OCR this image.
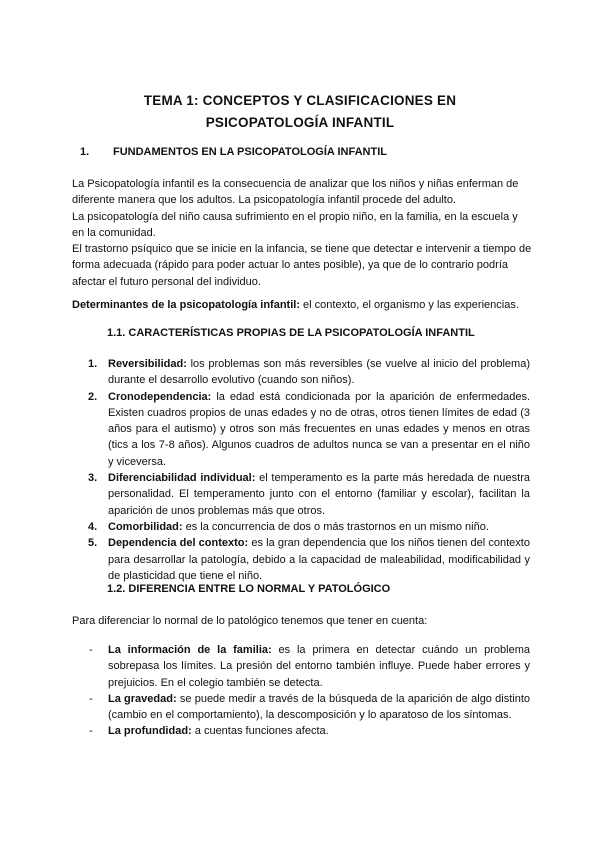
TEMA 1: CONCEPTOS Y CLASIFICACIONES EN
PSICOPATOLOGÍA INFANTIL
1. FUNDAMENTOS EN LA PSICOPATOLOGÍA INFANTIL

La Psicopatología infantil es la consecuencia de analizar que los niños y niñas enferman de diferente manera que los adultos. La psicopatología infantil procede del adulto.
La psicopatología del niño causa sufrimiento en el propio niño, en la familia, en la escuela y en la comunidad.
El trastorno psíquico que se inicie en la infancia, se tiene que detectar e intervenir a tiempo de forma adecuada (rápido para poder actuar lo antes posible), ya que de lo contrario podría afectar el futuro personal del individuo.

Determinantes de la psicopatología infantil: el contexto, el organismo y las experiencias.

1.1. CARACTERÍSTICAS PROPIAS DE LA PSICOPATOLOGÍA INFANTIL
1. Reversibilidad: los problemas son más reversibles (se vuelve al inicio del problema) durante el desarrollo evolutivo (cuando son niños).
2. Cronodependencia: la edad está condicionada por la aparición de enfermedades. Existen cuadros propios de unas edades y no de otras, otros tienen límites de edad (3 años para el autismo) y otros son más frecuentes en unas edades y menos en otras (tics a los 7-8 años). Algunos cuadros de adultos nunca se van a presentar en el niño y viceversa.
3. Diferenciabilidad individual: el temperamento es la parte más heredada de nuestra personalidad. El temperamento junto con el entorno (familiar y escolar), facilitan la aparición de unos problemas más que otros.
4. Comorbilidad: es la concurrencia de dos o más trastornos en un mismo niño.
5. Dependencia del contexto: es la gran dependencia que los niños tienen del contexto para desarrollar la patología, debido a la capacidad de maleabilidad, modificabilidad y de plasticidad que tiene el niño.
1.2. DIFERENCIA ENTRE LO NORMAL Y PATOLÓGICO

Para diferenciar lo normal de lo patológico tenemos que tener en cuenta:

- La información de la familia: es la primera en detectar cuándo un problema sobrepasa los límites. La presión del entorno también influye. Puede haber errores y prejuicios. En el colegio también se detecta.
- La gravedad: se puede medir a través de la búsqueda de la aparición de algo distinto (cambio en el comportamiento), la descomposición y lo aparatoso de los síntomas.
- La profundidad: a cuentas funciones afecta.
